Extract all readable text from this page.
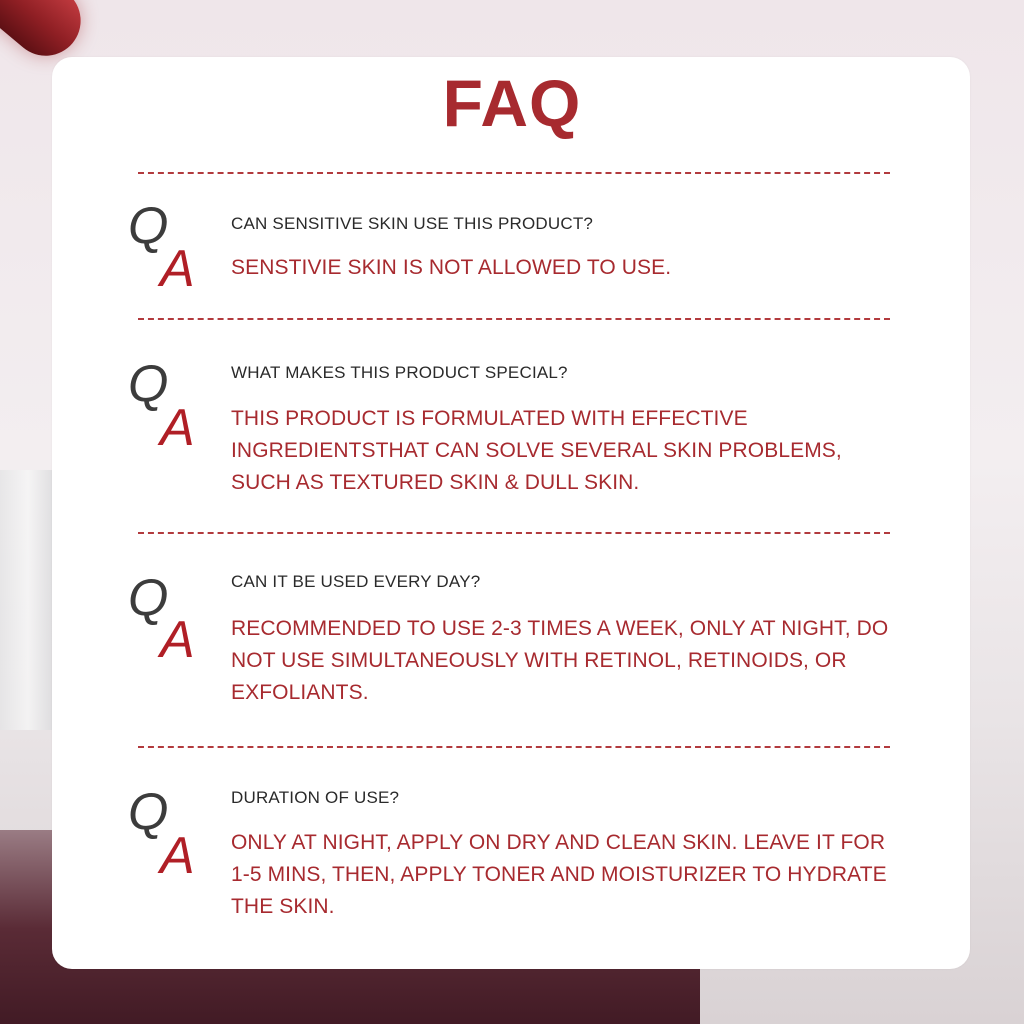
FAQ
Q
A
CAN SENSITIVE SKIN USE THIS PRODUCT?
SENSTIVIE SKIN IS NOT ALLOWED TO USE.
Q
A
WHAT MAKES THIS PRODUCT SPECIAL?
THIS PRODUCT IS FORMULATED WITH EFFECTIVE INGREDIENTSTHAT CAN SOLVE SEVERAL SKIN PROBLEMS, SUCH AS TEXTURED SKIN & DULL SKIN.
Q
A
CAN IT BE USED EVERY DAY?
RECOMMENDED TO USE 2-3 TIMES A WEEK, ONLY AT NIGHT, DO NOT USE SIMULTANEOUSLY WITH RETINOL, RETINOIDS, OR EXFOLIANTS.
Q
A
DURATION OF USE?
ONLY AT NIGHT, APPLY ON DRY AND CLEAN SKIN. LEAVE IT FOR 1-5 MINS, THEN, APPLY TONER AND MOISTURIZER TO HYDRATE THE SKIN.
